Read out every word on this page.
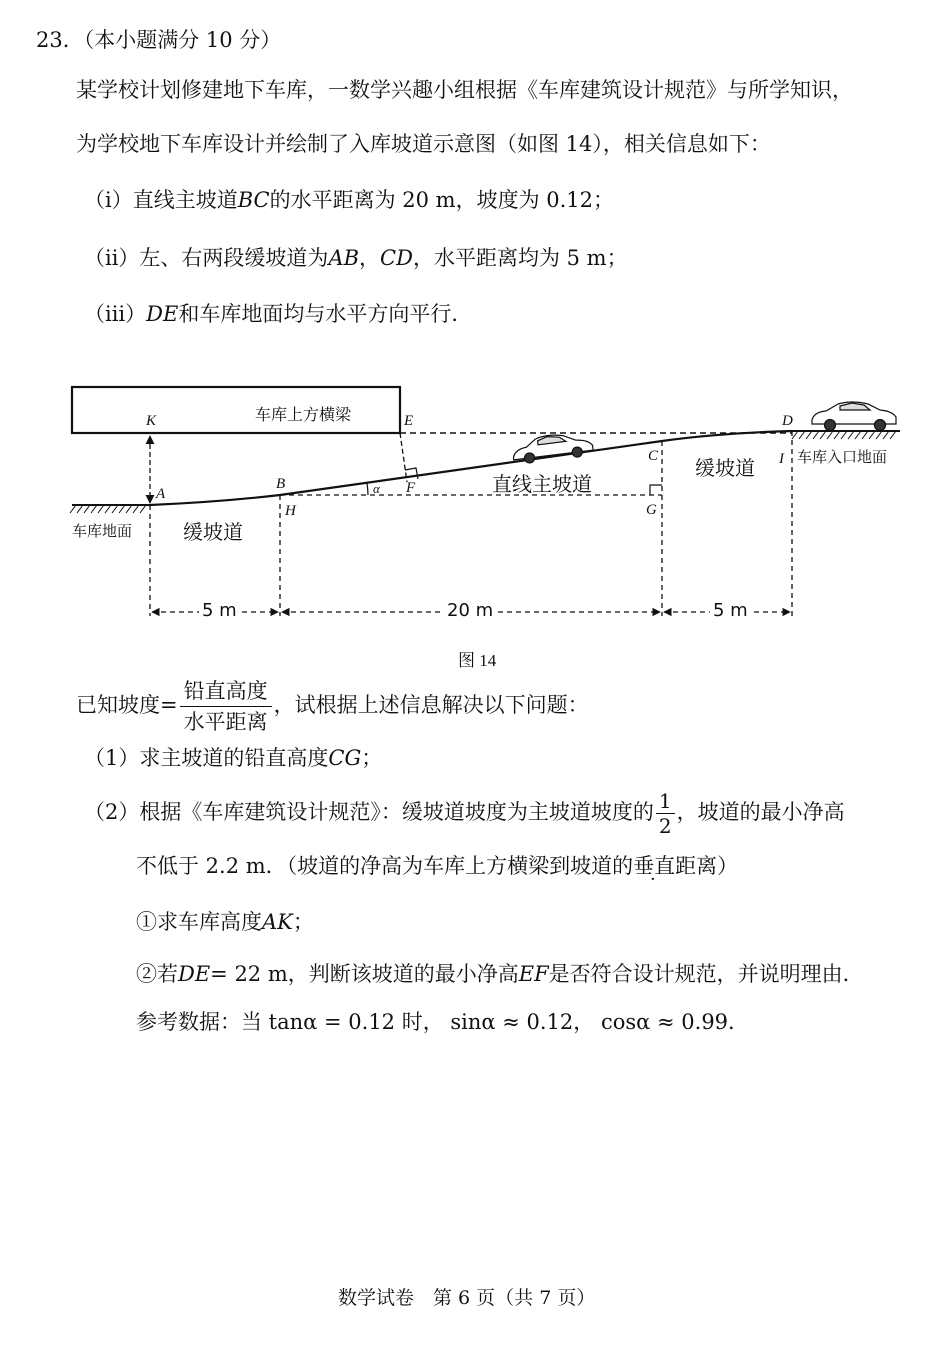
23．（本小题满分 10 分）
某学校计划修建地下车库，一数学兴趣小组根据《车库建筑设计规范》与所学知识，
为学校地下车库设计并绘制了入库坡道示意图（如图 14），相关信息如下：
（ⅰ）直线主坡道BC的水平距离为 20 m，坡度为 0.12；
（ⅱ）左、右两段缓坡道为AB，CD，水平距离均为 5 m；
（ⅲ）DE和车库地面均与水平方向平行．
车库上方横梁
直线主坡道
缓坡道
缓坡道
车库地面
车库入口地面
5 m	20 m	5 m
图 14
K	E	D
A
B
H
F
C
G
I
α
已知坡度= $\frac{\text{铅直高度}}{\text{水平距离}}$ ，试根据上述信息解决以下问题：
（1）求主坡道的铅直高度CG；
（2）根据《车库建筑设计规范》：缓坡道坡度为主坡道坡度的 $\frac{1}{2}$ ，坡道的最小净高
不低于 2.2 m．（坡道的净高为车库上方横梁到坡道的垂直距离）
①求车库高度AK；
②若DE= 22 m，判断该坡道的最小净高EF是否符合设计规范，并说明理由．
参考数据：当 tanα = 0.12 时， sinα ≈ 0.12， cosα ≈ 0.99．
数学试卷　第 6 页（共 7 页）
